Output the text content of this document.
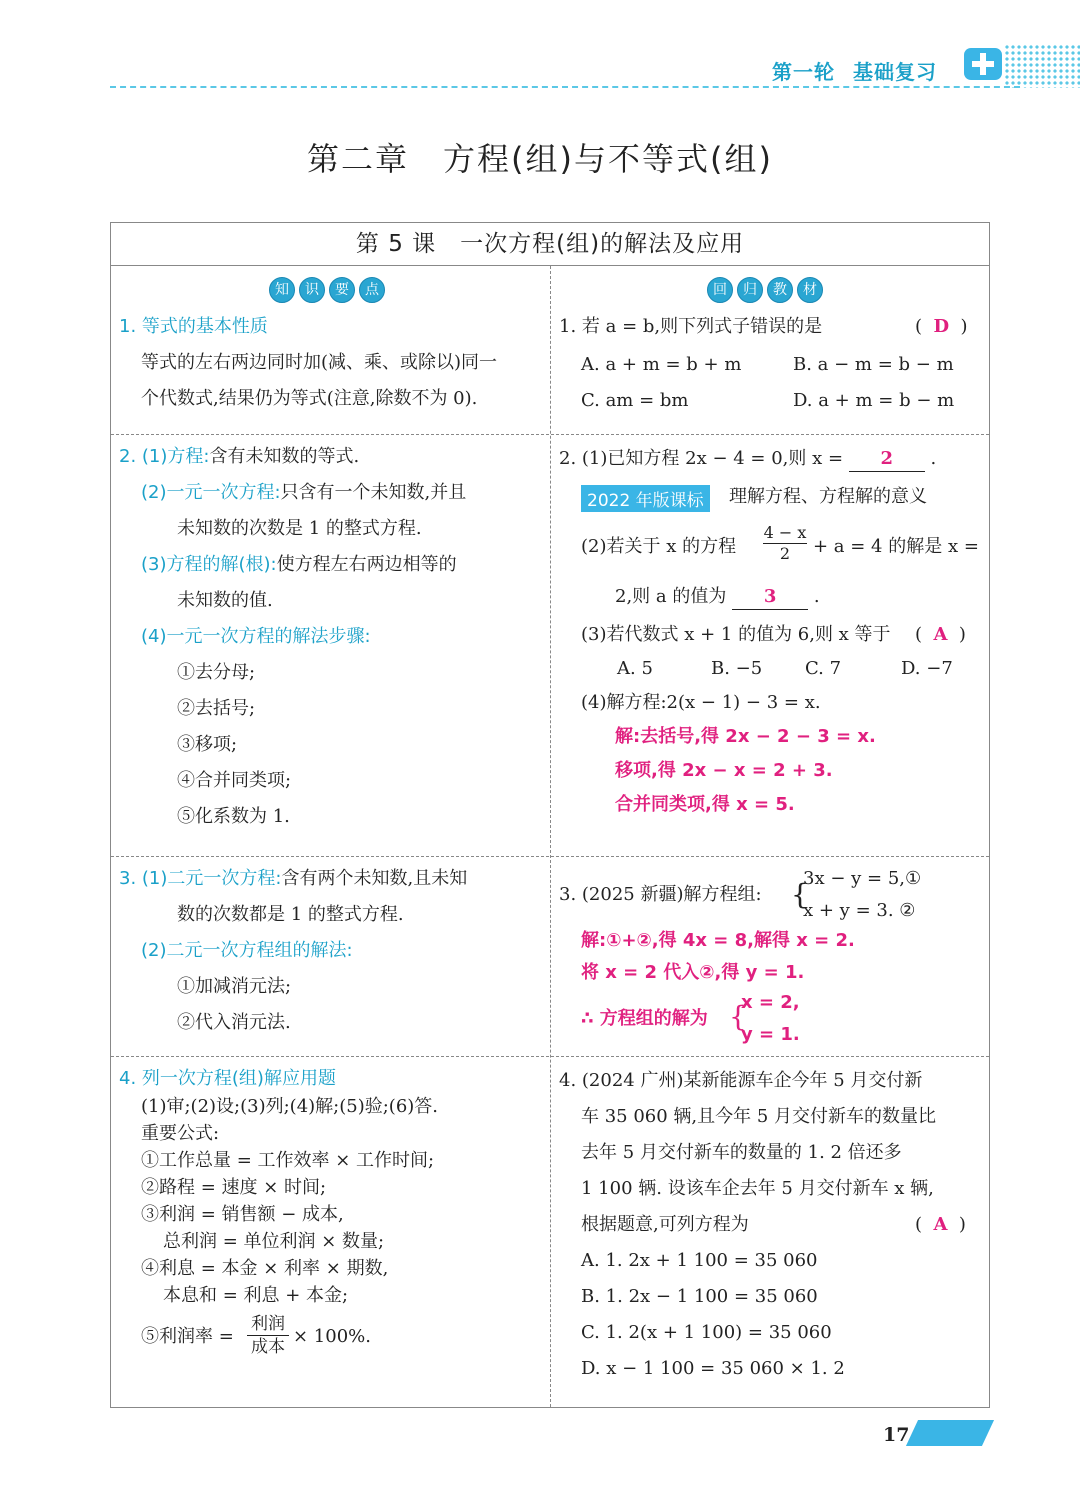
第一轮 基础复习
第二章　方程(组)与不等式(组)
第 5 课　一次方程(组)的解法及应用
知	识	要	点	回	归	教	材
1. 等式的基本性质
等式的左右两边同时加(减、乘、或除以)同一
个代数式,结果仍为等式(注意,除数不为 0).
1. 若 a = b,则下列式子错误的是	(  D  )
A. a + m = b + m	B. a − m = b − m
C. am = bm	D. a + m = b − m
2. (1)方程:含有未知数的等式.
(2)一元一次方程:只含有一个未知数,并且
未知数的次数是 1 的整式方程.
(3)方程的解(根):使方程左右两边相等的
未知数的值.
(4)一元一次方程的解法步骤:
①去分母;
②去括号;
③移项;
④合并同类项;
⑤化系数为 1.
2. (1)已知方程 2x − 4 = 0,则 x = 2 .
2022 年版课标	理解方程、方程解的意义
(2)若关于 x 的方程 $\frac{4 - x}{2} + a = 4$ 的解是 x =
2,则 a 的值为 3 .
(3)若代数式 x + 1 的值为 6,则 x 等于 (  A  )
A. 5	B. −5 C. 7	D. −7
(4)解方程:2(x − 1) − 3 = x.
解:去括号,得 2x − 2 − 3 = x.
移项,得 2x − x = 2 + 3.
合并同类项,得 x = 5.
3. (1)二元一次方程:含有两个未知数,且未知
数的次数都是 1 的整式方程.
(2)二元一次方程组的解法:
①加减消元法;
②代入消元法.
3. (2025 新疆)解方程组: {
3x − y = 5,①
x + y = 3. ②
解:①+②,得 4x = 8,解得 x = 2.
将 x = 2 代入②,得 y = 1.
∴ 方程组的解为 {
x = 2,
y = 1.
4. 列一次方程(组)解应用题
(1)审;(2)设;(3)列;(4)解;(5)验;(6)答.
重要公式:
①工作总量 = 工作效率 × 工作时间;
②路程 = 速度 × 时间;
③利润 = 销售额 − 成本,
总利润 = 单位利润 × 数量;
④利息 = 本金 × 利率 × 期数,
本息和 = 利息 + 本金;
⑤利润率 =
利润
成本 × 100%.
4. (2024 广州)某新能源车企今年 5 月交付新
车 35 060 辆,且今年 5 月交付新车的数量比
去年 5 月交付新车的数量的 1. 2 倍还多
1 100 辆. 设该车企去年 5 月交付新车 x 辆,
根据题意,可列方程为	(  A  )
A. 1. 2x + 1 100 = 35 060
B. 1. 2x − 1 100 = 35 060
C. 1. 2(x + 1 100) = 35 060
D. x − 1 100 = 35 060 × 1. 2
17
